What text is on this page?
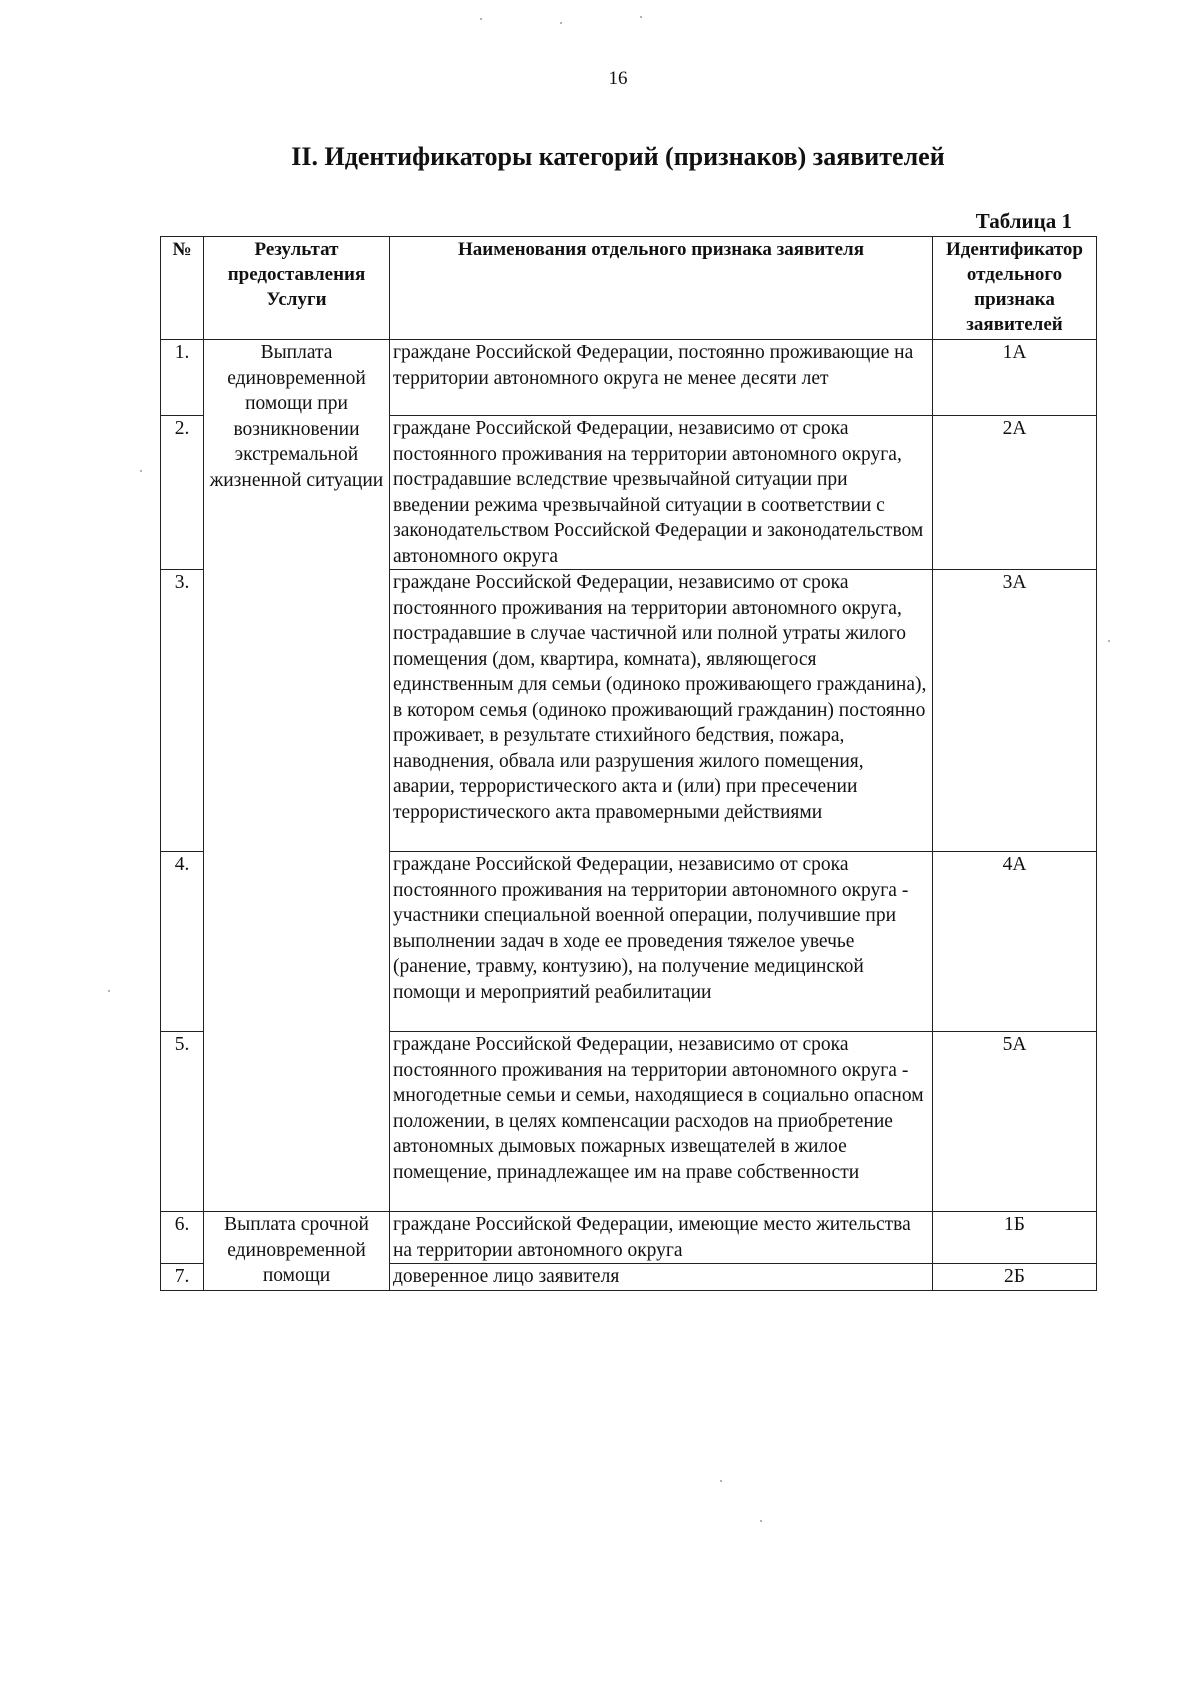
16
II. Идентификаторы категорий (признаков) заявителей
Таблица 1
№	Результат предоставления Услуги	Наименования отдельного признака заявителя	Идентификатор отдельного признака заявителей
1.	Выплата единовременной помощи при возникновении экстремальной жизненной ситуации	граждане Российской Федерации, постоянно проживающие на территории автономного округа не менее десяти лет	1А
2.		граждане Российской Федерации, независимо от срока постоянного проживания на территории автономного округа, пострадавшие вследствие чрезвычайной ситуации при введении режима чрезвычайной ситуации в соответствии с законодательством Российской Федерации и законодательством автономного округа	2А
3.		граждане Российской Федерации, независимо от срока постоянного проживания на территории автономного округа, пострадавшие в случае частичной или полной утраты жилого помещения (дом, квартира, комната), являющегося единственным для семьи (одиноко проживающего гражданина), в котором семья (одиноко проживающий гражданин) постоянно проживает, в результате стихийного бедствия, пожара, наводнения, обвала или разрушения жилого помещения, аварии, террористического акта и (или) при пресечении террористического акта правомерными действиями	3А
4.		граждане Российской Федерации, независимо от срока постоянного проживания на территории автономного округа - участники специальной военной операции, получившие при выполнении задач в ходе ее проведения тяжелое увечье (ранение, травму, контузию), на получение медицинской помощи и мероприятий реабилитации	4А
5.		граждане Российской Федерации, независимо от срока постоянного проживания на территории автономного округа - многодетные семьи и семьи, находящиеся в социально опасном положении, в целях компенсации расходов на приобретение автономных дымовых пожарных извещателей в жилое помещение, принадлежащее им на праве собственности	5А
6.	Выплата срочной единовременной помощи	граждане Российской Федерации, имеющие место жительства на территории автономного округа	1Б
7.		доверенное лицо заявителя	2Б
